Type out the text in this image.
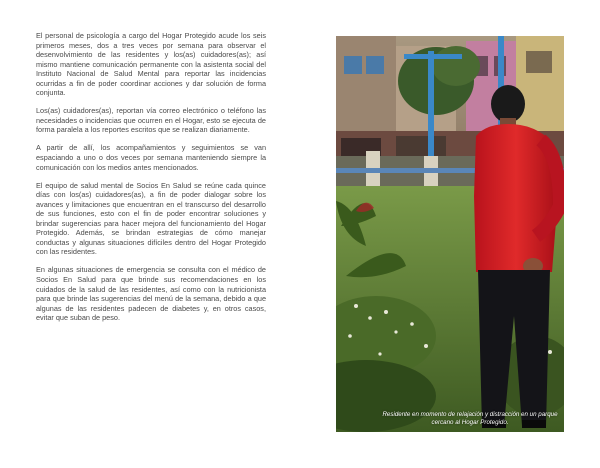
El personal de psicología a cargo del Hogar Protegido acude los seis primeros meses, dos a tres veces por semana para observar el desenvolvimiento de las residentes y los(as) cuidadores(as); así mismo mantiene comunicación permanente con la asistenta social del Instituto Nacional de Salud Mental para reportar las incidencias ocurridas a fin de poder coordinar acciones y dar solución de forma conjunta.

Los(as) cuidadores(as), reportan vía correo electrónico o teléfono las necesidades o incidencias que ocurren en el Hogar, esto se ejecuta de forma paralela a los reportes escritos que se realizan diariamente.

A partir de allí, los acompañamientos y seguimientos se van espaciando a uno o dos veces por semana manteniendo siempre la comunicación con los medios antes mencionados.

El equipo de salud mental de Socios En Salud se reúne cada quince días con los(as) cuidadores(as), a fin de poder dialogar sobre los avances y limitaciones que encuentran en el transcurso del desarrollo de sus funciones, esto con el fin de poder encontrar soluciones y brindar sugerencias para hacer mejora del funcionamiento del Hogar Protegido. Además, se brindan estrategias de cómo manejar conductas y algunas situaciones difíciles dentro del Hogar Protegido con las residentes.

En algunas situaciones de emergencia se consulta con el médico de Socios En Salud para que brinde sus recomendaciones en los cuidados de la salud de las residentes, así como con la nutricionista para que brinde las sugerencias del menú de la semana, debido a que algunas de las residentes padecen de diabetes y, en otros casos, evitar que suban de peso.

Residente en momento de relajación y distracción en un parque cercano al Hogar Protegido.
